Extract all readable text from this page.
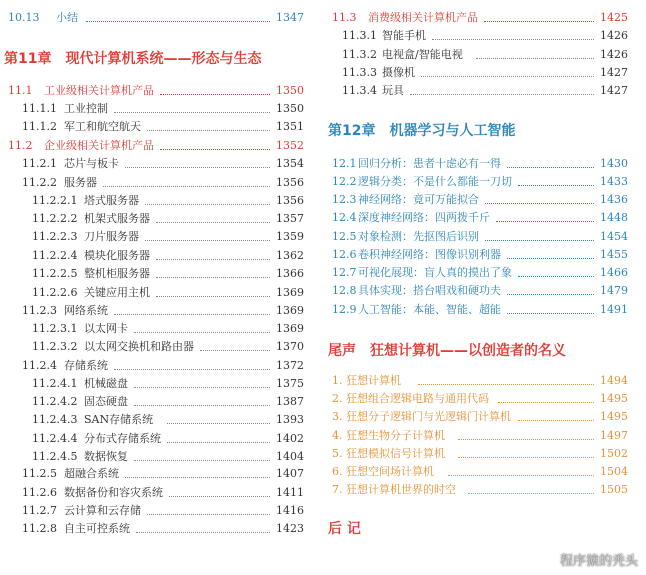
10.13 小结	1347
第11章　现代计算机系统——形态与生态
11.1 工业级相关计算机产品	1350
11.1.1 工业控制	1350
11.1.2 军工和航空航天	1351
11.2 企业级相关计算机产品	1352
11.2.1 芯片与板卡	1354
11.2.2 服务器	1356
11.2.2.1 塔式服务器	1356
11.2.2.2 机架式服务器	1357
11.2.2.3 刀片服务器	1359
11.2.2.4 模块化服务器	1362
11.2.2.5 整机柜服务器	1366
11.2.2.6 关键应用主机	1369
11.2.3 网络系统	1369
11.2.3.1 以太网卡	1369
11.2.3.2 以太网交换机和路由器	1370
11.2.4 存储系统	1372
11.2.4.1 机械磁盘	1375
11.2.4.2 固态硬盘	1387
11.2.4.3 SAN存储系统	1393
11.2.4.4 分布式存储系统	1402
11.2.4.5 数据恢复	1404
11.2.5 超融合系统	1407
11.2.6 数据备份和容灾系统	1411
11.2.7 云计算和云存储	1416
11.2.8 自主可控系统	1423
11.3 消费级相关计算机产品	1425
11.3.1 智能手机	1426
11.3.2 电视盒/智能电视	1426
11.3.3 摄像机	1427
11.3.4 玩具	1427
第12章　机器学习与人工智能
12.1 回归分析：患者十虑必有一得	1430
12.2 逻辑分类：不是什么都能一刀切	1433
12.3 神经网络：竟可万能拟合	1436
12.4 深度神经网络：四两拨千斤	1448
12.5 对象检测：先抠图后识别	1454
12.6 卷积神经网络：图像识别利器	1455
12.7 可视化展现：盲人真的摸出了象	1466
12.8 具体实现：搭台唱戏和硬功夫	1479
12.9 人工智能：本能、智能、超能	1491
尾声　狂想计算机——以创造者的名义
1. 狂想计算机	1494
2. 狂想组合逻辑电路与通用代码	1495
3. 狂想分子逻辑门与光逻辑门计算机	1495
4. 狂想生物分子计算机	1497
5. 狂想模拟信号计算机	1502
6. 狂想空间场计算机	1504
7. 狂想计算机世界的时空	1505
后 记
程序猿的秃头
